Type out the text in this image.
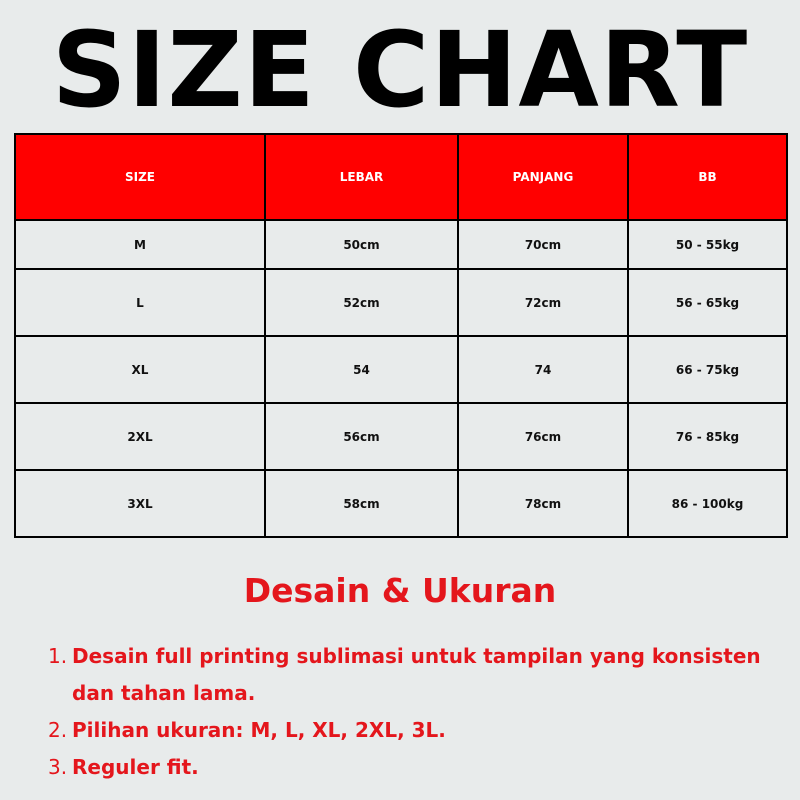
SIZE CHART
SIZE	LEBAR	PANJANG	BB
M	50cm	70cm	50 - 55kg
L	52cm	72cm	56 - 65kg
XL	54	74	66 - 75kg
2XL	56cm	76cm	76 - 85kg
3XL	58cm	78cm	86 - 100kg
Desain & Ukuran
1. Desain full printing sublimasi untuk tampilan yang konsisten dan tahan lama.
2. Pilihan ukuran: M, L, XL, 2XL, 3L.
3. Reguler fit.
